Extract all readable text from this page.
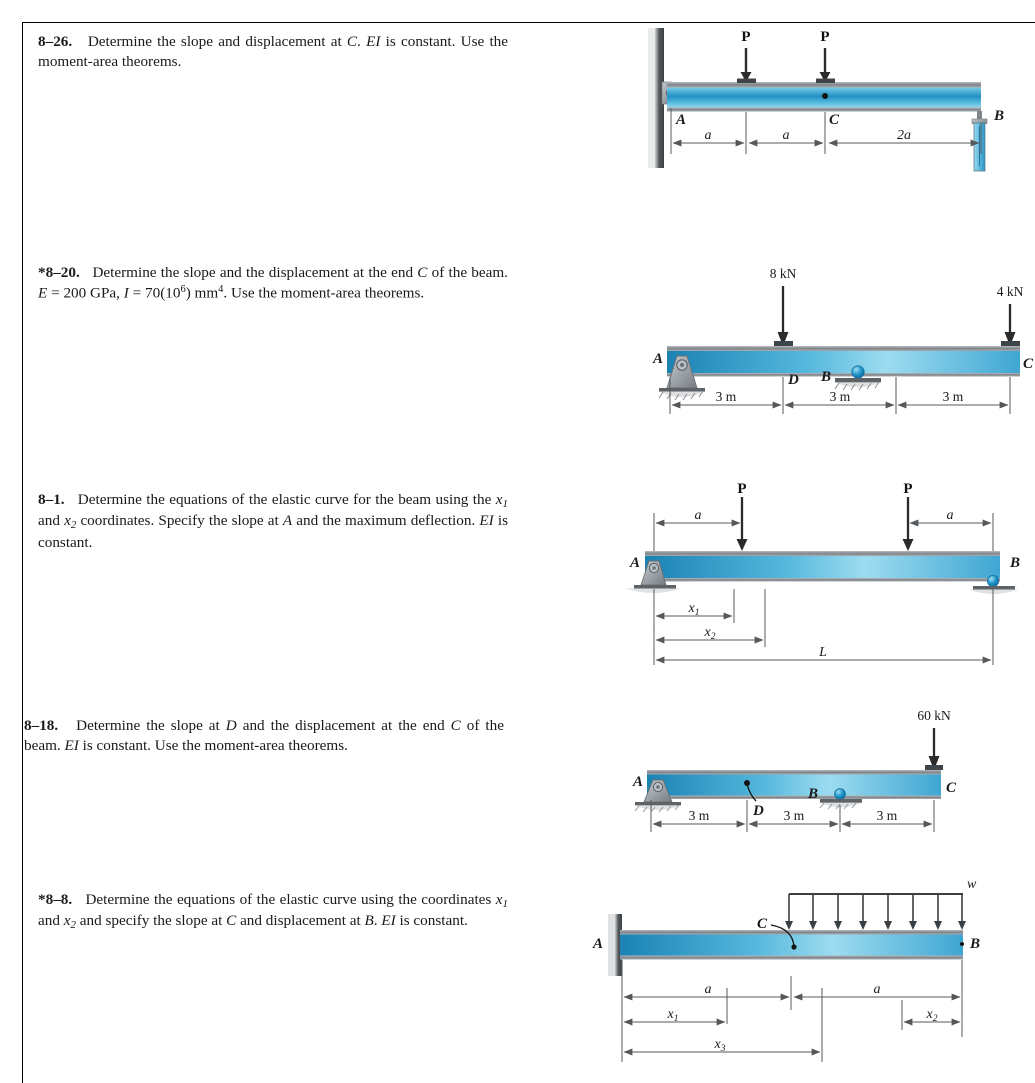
8–26.   Determine the slope and displacement at C. EI is constant. Use the moment-area theorems.
P	P
B
A	C
a	a	2a
*8–20.   Determine the slope and the displacement at the end C of the beam. E = 200 GPa, $I = 70(10^6)$ $mm^4$. Use the moment-area theorems.
A
8 kN
4 kN
B
D
C
3 m	3 m	3 m
8–1.   Determine the equations of the elastic curve for the beam using the $x_1$ and $x_2$ coordinates. Specify the slope at A and the maximum deflection. EI is constant.
A	B
P	P
a	a
$x_1$
$x_2$
L
8–18.   Determine the slope at D and the displacement at the end C of the beam. EI is constant. Use the moment-area theorems.
A
D
B
60 kN
C
3 m	3 m	3 m
*8–8.   Determine the equations of the elastic curve using the coordinates $x_1$ and $x_2$ and specify the slope at C and displacement at B. EI is constant.
A	B
w
C
a	a
$x_1$	$x_2$
$x_3$
